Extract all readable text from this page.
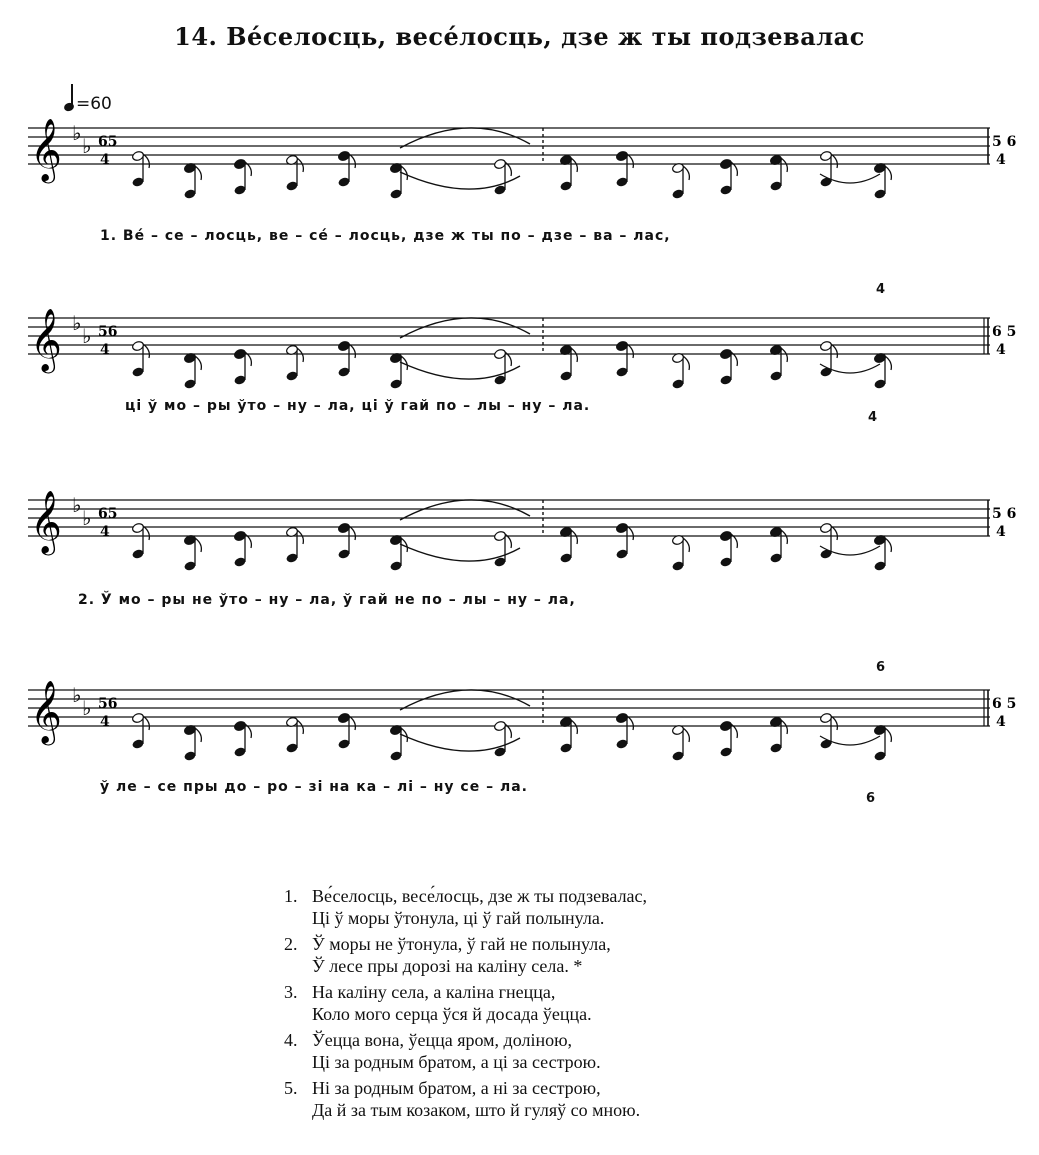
14. Ве́селосць, весе́лосць, дзе ж ты подзевалас
=60
𝄞 ♭
♭ 65
4
5 6
4
𝄞 ♭
♭ 56
4
6 5
4
𝄞 ♭
♭ 65
4
5 6
4
𝄞 ♭
♭ 56
4
6 5
4
1. Ве́ – се – лосць, ве – се́ – лосць, дзе ж ты по – дзе – ва – лас,
ці ў мо – ры ўто – ну – ла, ці ў гай по – лы – ну – ла.
2. Ў мо – ры не ўто – ну – ла, ў гай не по – лы – ну – ла,
ў ле – се пры до – ро – зі на ка – лі – ну се – ла.
4
4
6
6
1. Ве́селосць, весе́лосць, дзе ж ты подзевалас,
Ці ў моры ўтонула, ці ў гай полынула.
2. Ў моры не ўтонула, ў гай не полынула,
Ў лесе пры дорозі на каліну села. *
3. На каліну села, а каліна гнецца,
Коло мого серца ўся й досада ўеццa.
4. Ўеццa вона, ўеццa яром, доліною,
Ці за родным братом, а ці за сестрою.
5. Ні за родным братом, а ні за сестрою,
Да й за тым козаком, што й гуляў со мною.
